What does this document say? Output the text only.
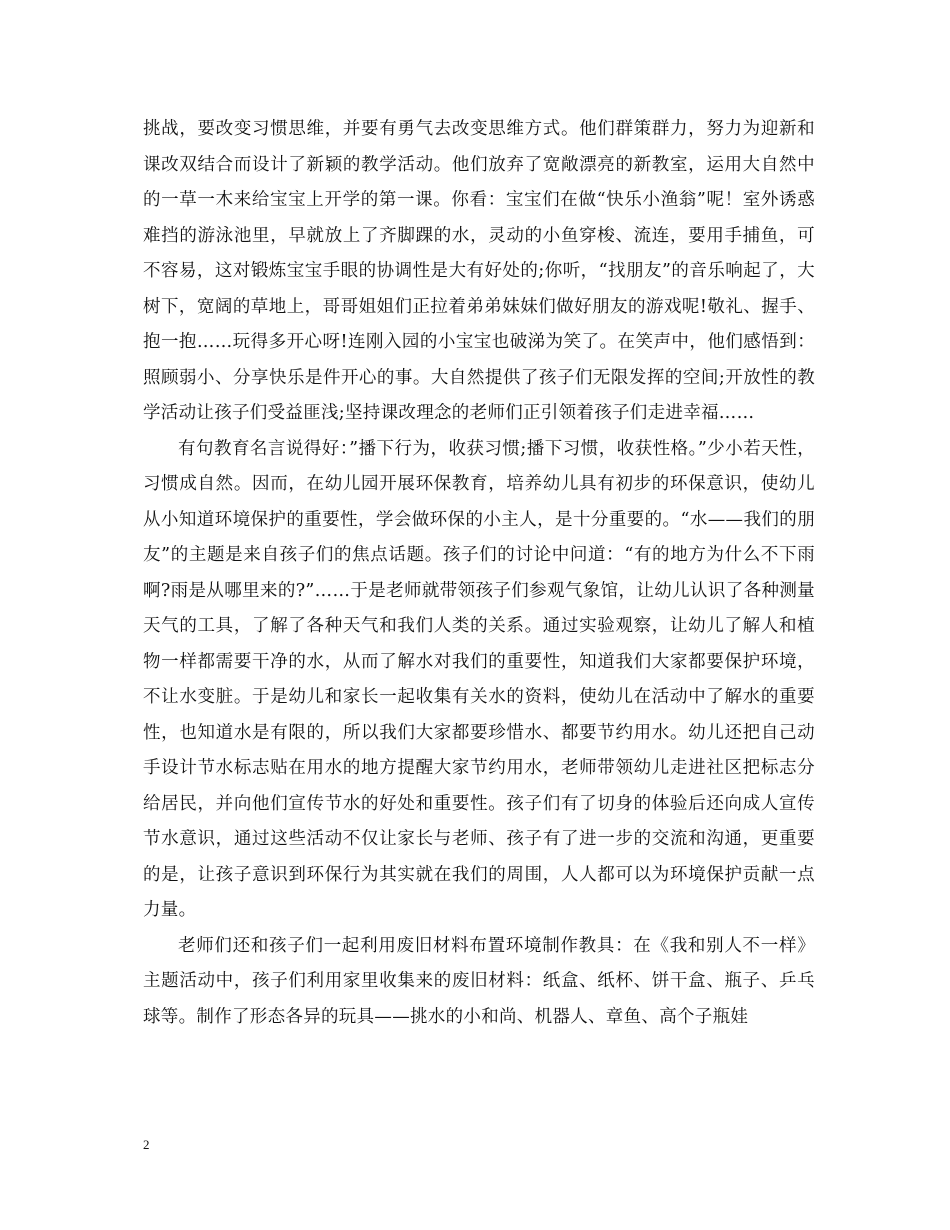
挑战，要改变习惯思维，并要有勇气去改变思维方式。他们群策群力，努力为迎新和课改双结合而设计了新颖的教学活动。他们放弃了宽敞漂亮的新教室，运用大自然中的一草一木来给宝宝上开学的第一课。你看：宝宝们在做“快乐小渔翁”呢！室外诱惑难挡的游泳池里，早就放上了齐脚踝的水，灵动的小鱼穿梭、流连，要用手捕鱼，可不容易，这对锻炼宝宝手眼的协调性是大有好处的;你听，“找朋友”的音乐响起了，大树下，宽阔的草地上，哥哥姐姐们正拉着弟弟妹妹们做好朋友的游戏呢!敬礼、握手、抱一抱……玩得多开心呀!连刚入园的小宝宝也破涕为笑了。在笑声中，他们感悟到：照顾弱小、分享快乐是件开心的事。大自然提供了孩子们无限发挥的空间;开放性的教学活动让孩子们受益匪浅;坚持课改理念的老师们正引领着孩子们走进幸福……

有句教育名言说得好：”播下行为，收获习惯;播下习惯，收获性格。”少小若天性，习惯成自然。因而，在幼儿园开展环保教育，培养幼儿具有初步的环保意识，使幼儿从小知道环境保护的重要性，学会做环保的小主人，是十分重要的。“水——我们的朋友”的主题是来自孩子们的焦点话题。孩子们的讨论中问道：“有的地方为什么不下雨啊?雨是从哪里来的?”……于是老师就带领孩子们参观气象馆，让幼儿认识了各种测量天气的工具，了解了各种天气和我们人类的关系。通过实验观察，让幼儿了解人和植物一样都需要干净的水，从而了解水对我们的重要性，知道我们大家都要保护环境，不让水变脏。于是幼儿和家长一起收集有关水的资料，使幼儿在活动中了解水的重要性，也知道水是有限的，所以我们大家都要珍惜水、都要节约用水。幼儿还把自己动手设计节水标志贴在用水的地方提醒大家节约用水，老师带领幼儿走进社区把标志分给居民，并向他们宣传节水的好处和重要性。孩子们有了切身的体验后还向成人宣传节水意识，通过这些活动不仅让家长与老师、孩子有了进一步的交流和沟通，更重要的是，让孩子意识到环保行为其实就在我们的周围，人人都可以为环境保护贡献一点力量。

老师们还和孩子们一起利用废旧材料布置环境制作教具：在《我和别人不一样》主题活动中，孩子们利用家里收集来的废旧材料：纸盒、纸杯、饼干盒、瓶子、乒乓球等。制作了形态各异的玩具——挑水的小和尚、机器人、章鱼、高个子瓶娃

2
